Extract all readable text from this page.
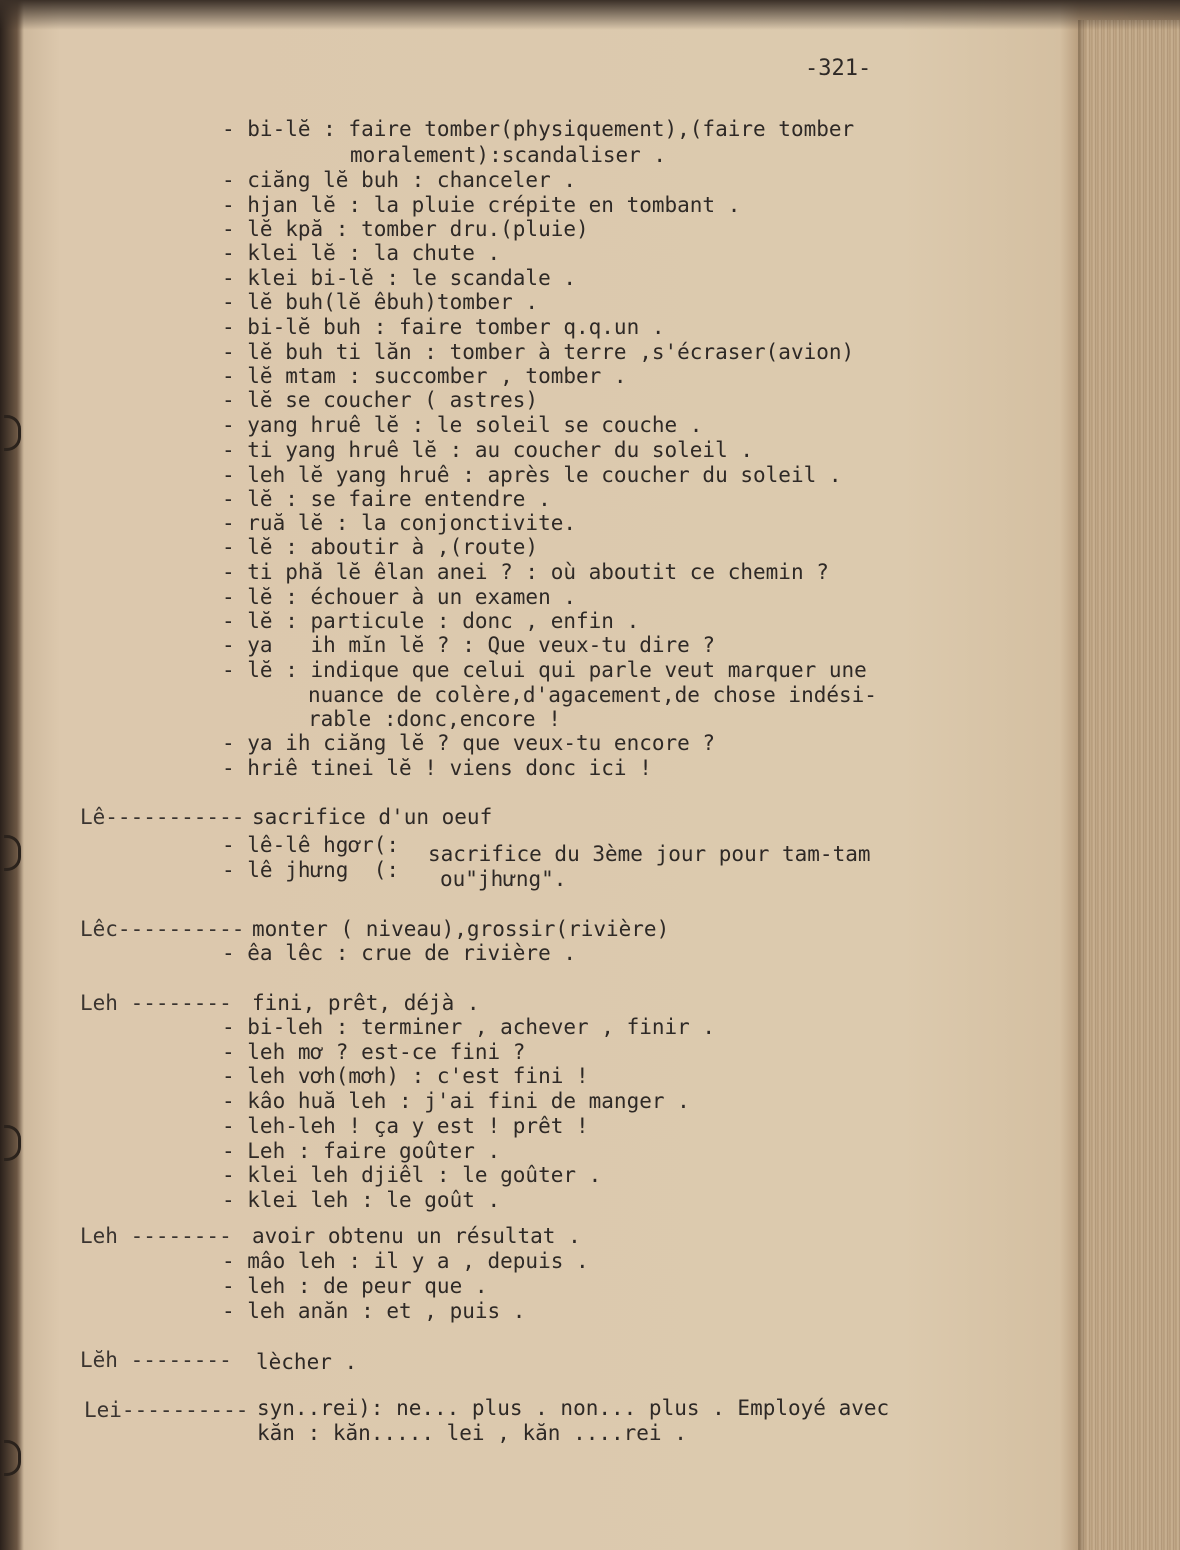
-321-
- bi-lĕ : faire tomber(physiquement),(faire tomber
moralement):scandaliser .
- ciăng lĕ buh : chanceler .
- hjan lĕ : la pluie crépite en tombant .
- lĕ kpă : tomber dru.(pluie)
- klei lĕ : la chute .
- klei bi-lĕ : le scandale .
- lĕ buh(lĕ êbuh)tomber .
- bi-lĕ buh : faire tomber q.q.un .
- lĕ buh ti lăn : tomber à terre ,s'écraser(avion)
- lĕ mtam : succomber , tomber .
- lĕ se coucher ( astres)
- yang hruê lĕ : le soleil se couche .
- ti yang hruê lĕ : au coucher du soleil .
- leh lĕ yang hruê : après le coucher du soleil .
- lĕ : se faire entendre .
- ruă lĕ : la conjonctivite.
- lĕ : aboutir à ,(route)
- ti phă lĕ êlan anei ? : où aboutit ce chemin ?
- lĕ : échouer à un examen .
- lĕ : particule : donc , enfin .
- ya   ih mĭn lĕ ? : Que veux-tu dire ?
- lĕ : indique que celui qui parle veut marquer une
nuance de colère,d'agacement,de chose indési-
rable :donc,encore !
- ya ih ciăng lĕ ? que veux-tu encore ?
- hriê tinei lĕ ! viens donc ici !
Lê----------- sacrifice d'un oeuf
- lê-lê hgơr(:
- lê jhưng  (:
sacrifice du 3ème jour pour tam-tam
ou"jhưng".
Lêc---------- monter ( niveau),grossir(rivière)
- êa lêc : crue de rivière .
Leh -------- fini, prêt, déjà .
- bi-leh : terminer , achever , finir .
- leh mơ ? est-ce fini ?
- leh vơh(mơh) : c'est fini !
- kâo huă leh : j'ai fini de manger .
- leh-leh ! ça y est ! prêt !
- Leh : faire goûter .
- klei leh djiêl : le goûter .
- klei leh : le goût .
Leh -------- avoir obtenu un résultat .
- mâo leh : il y a , depuis .
- leh : de peur que .
- leh anăn : et , puis .
Lĕh -------- lècher .
Lei---------- syn..rei): ne... plus . non... plus . Employé avec
kăn : kăn..... lei , kăn ....rei .
